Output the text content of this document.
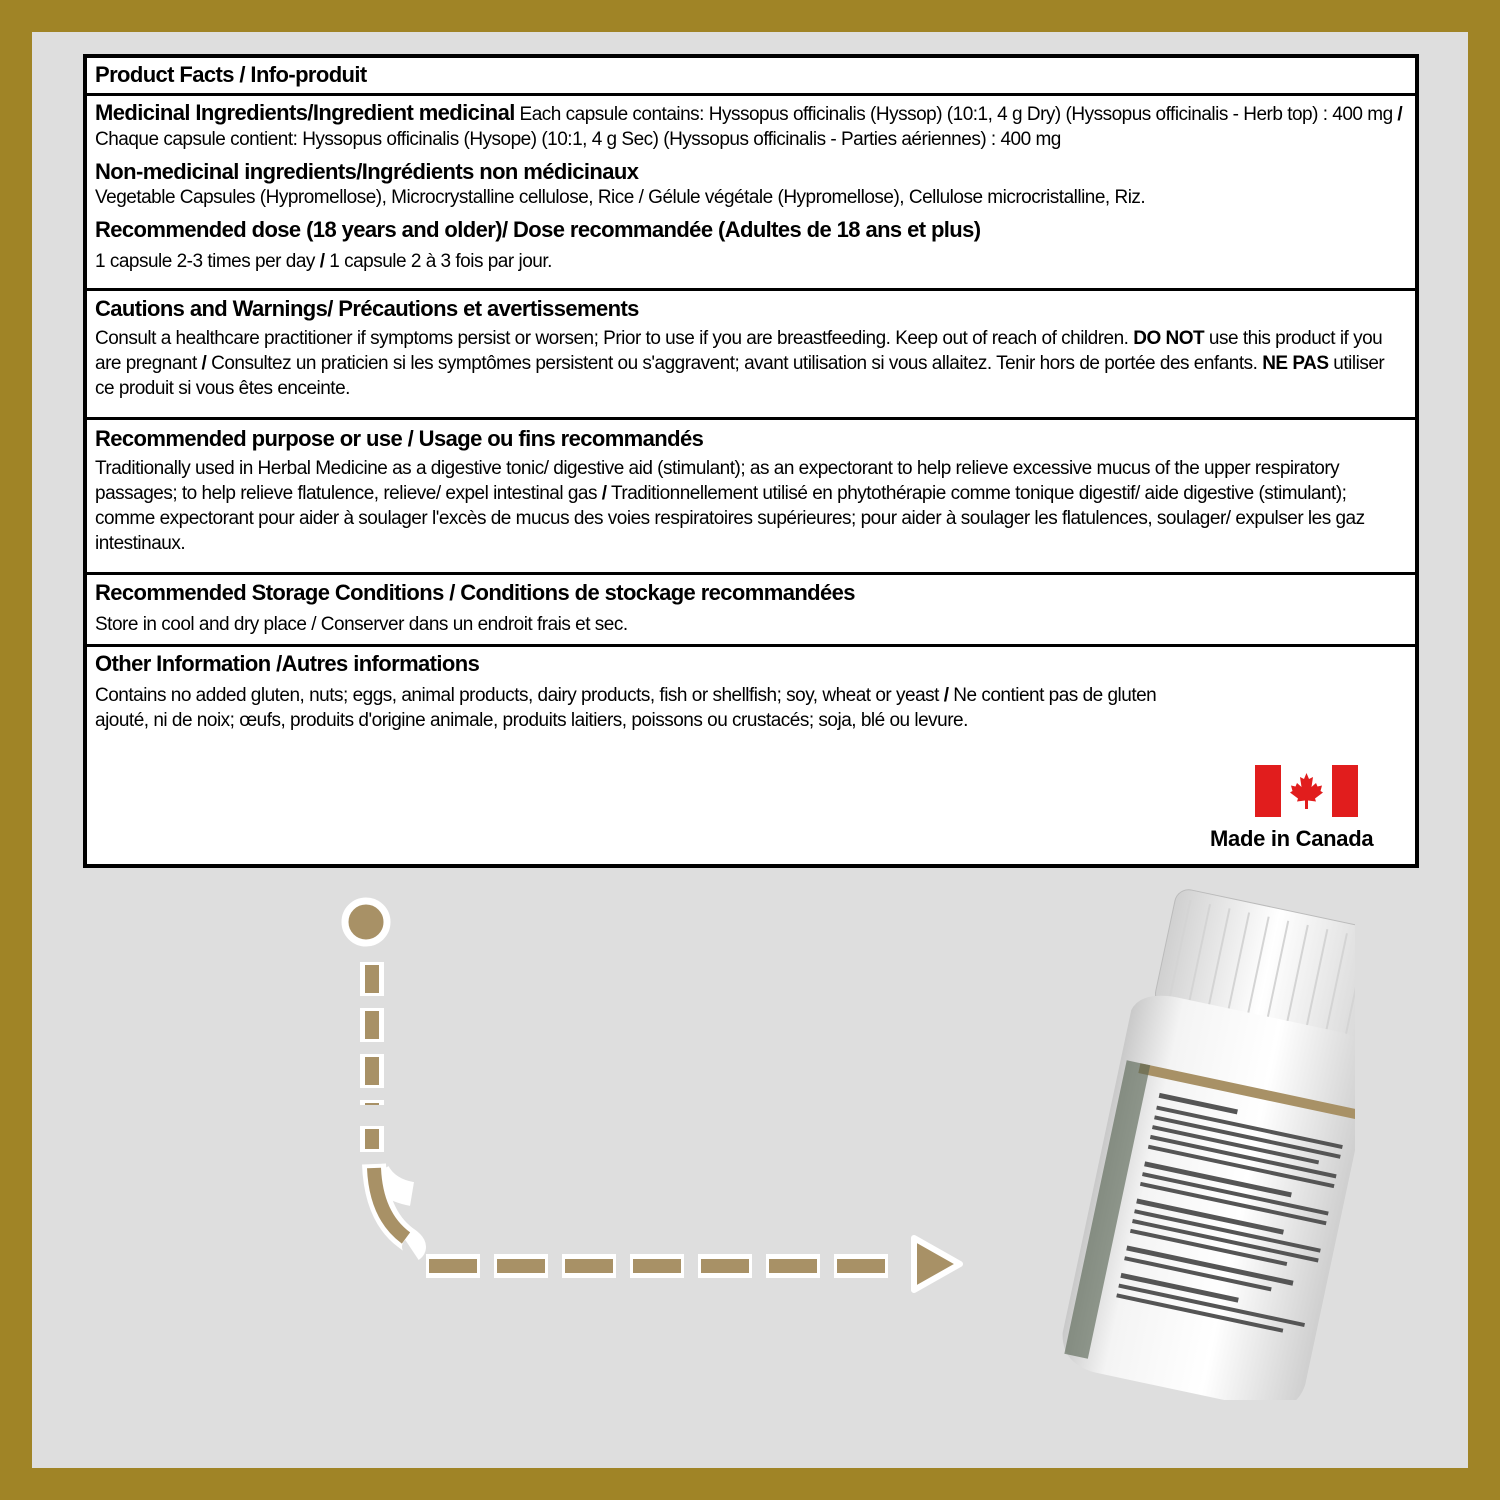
Product Facts / Info-produit
Medicinal Ingredients/Ingredient medicinal Each capsule contains: Hyssopus officinalis (Hyssop) (10:1, 4 g Dry) (Hyssopus officinalis - Herb top) : 400 mg / Chaque capsule contient: Hyssopus officinalis (Hysope) (10:1, 4 g Sec) (Hyssopus officinalis - Parties aériennes) : 400 mg
Non-medicinal ingredients/Ingrédients non médicinaux
Vegetable Capsules (Hypromellose), Microcrystalline cellulose, Rice / Gélule végétale (Hypromellose), Cellulose microcristalline, Riz.
Recommended dose (18 years and older)/ Dose recommandée (Adultes de 18 ans et plus)
1 capsule 2-3 times per day / 1 capsule 2 à 3 fois par jour.
Cautions and Warnings/ Précautions et avertissements
Consult a healthcare practitioner if symptoms persist or worsen; Prior to use if you are breastfeeding. Keep out of reach of children. DO NOT use this product if you are pregnant / Consultez un praticien si les symptômes persistent ou s'aggravent; avant utilisation si vous allaitez. Tenir hors de portée des enfants. NE PAS utiliser ce produit si vous êtes enceinte.
Recommended purpose or use / Usage ou fins recommandés
Traditionally used in Herbal Medicine as a digestive tonic/ digestive aid (stimulant); as an expectorant to help relieve excessive mucus of the upper respiratory passages; to help relieve flatulence, relieve/ expel intestinal gas / Traditionnellement utilisé en phytothérapie comme tonique digestif/ aide digestive (stimulant); comme expectorant pour aider à soulager l'excès de mucus des voies respiratoires supérieures; pour aider à soulager les flatulences, soulager/ expulser les gaz intestinaux.
Recommended Storage Conditions / Conditions de stockage recommandées
Store in cool and dry place / Conserver dans un endroit frais et sec.
Other Information /Autres informations
Contains no added gluten, nuts; eggs, animal products, dairy products, fish or shellfish; soy, wheat or yeast / Ne contient pas de gluten ajouté, ni de noix; œufs, produits d'origine animale, produits laitiers, poissons ou crustacés; soja, blé ou levure.
Made in Canada
